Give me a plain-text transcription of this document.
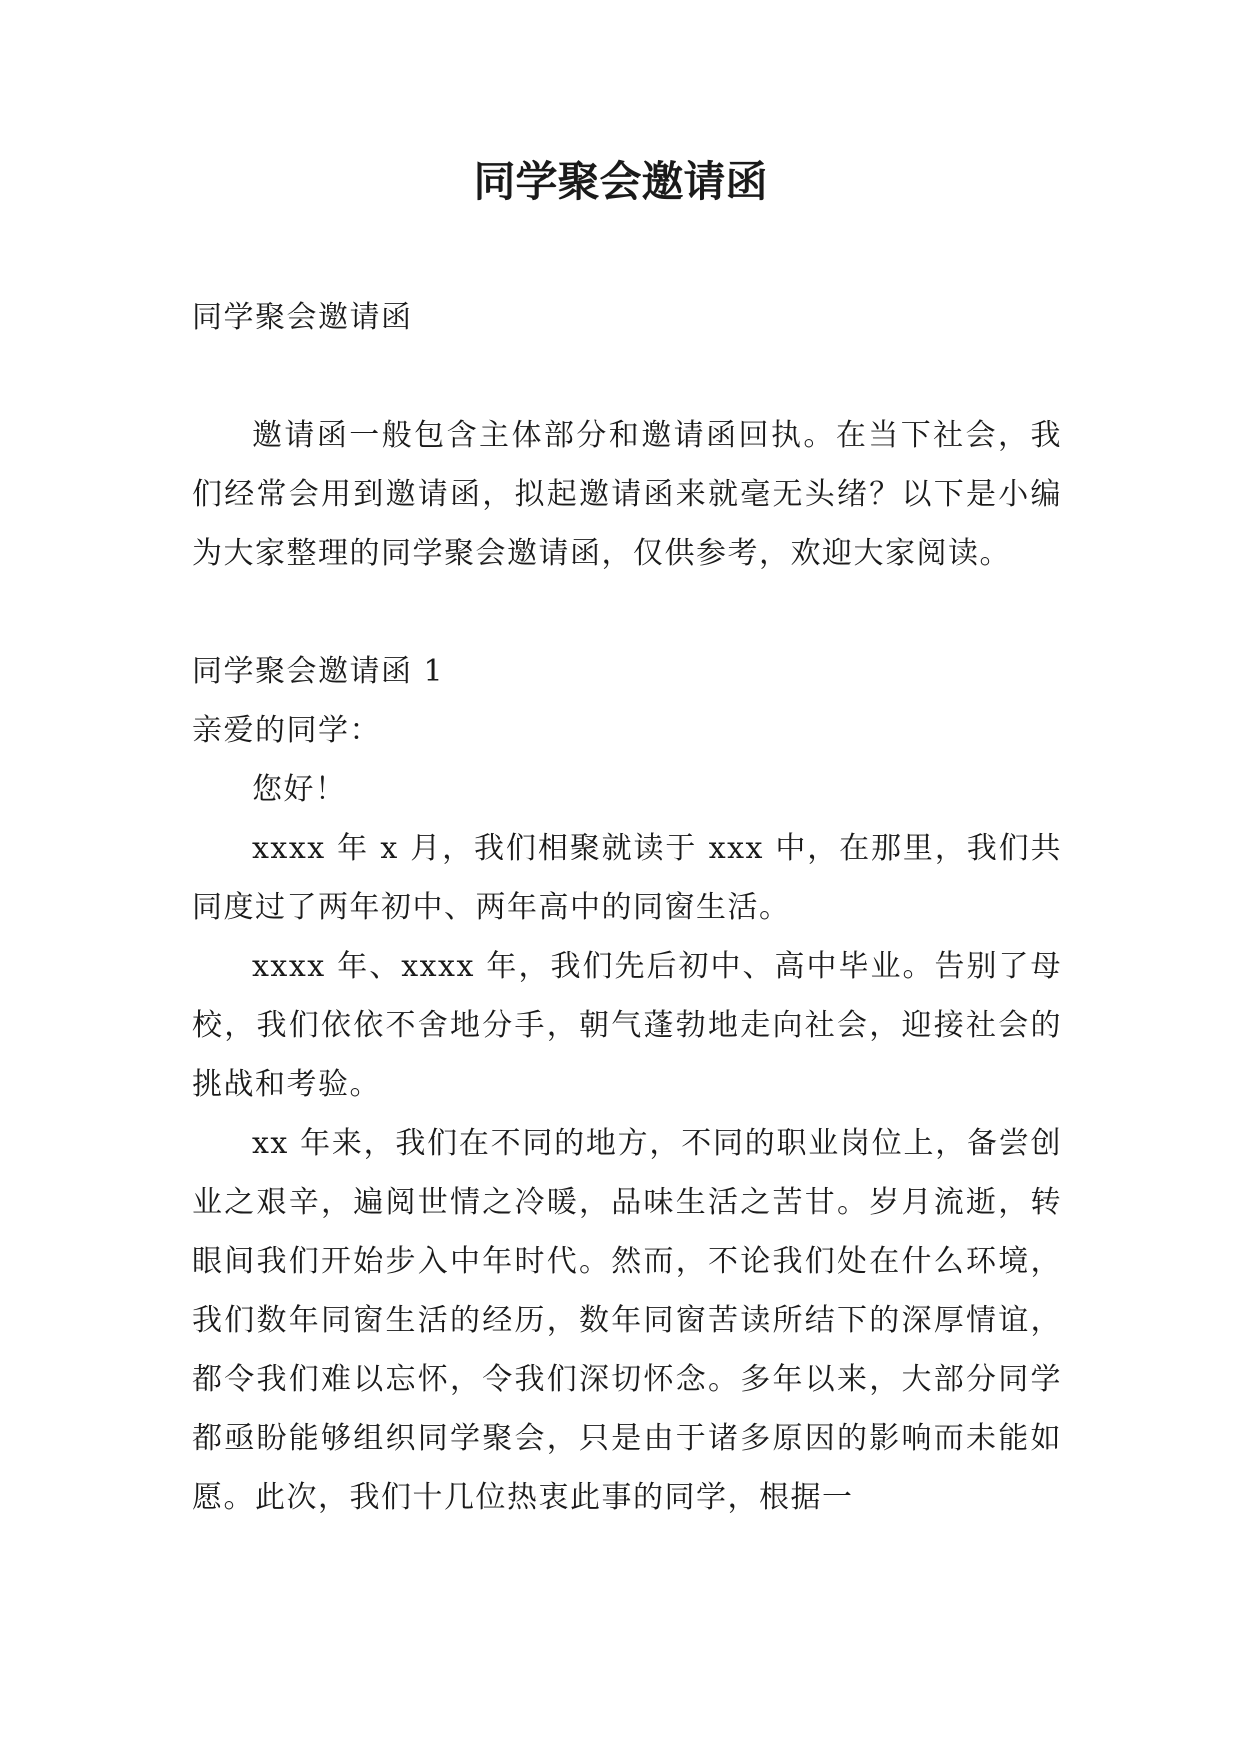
同学聚会邀请函

同学聚会邀请函

邀请函一般包含主体部分和邀请函回执。在当下社会，我们经常会用到邀请函，拟起邀请函来就毫无头绪？以下是小编为大家整理的同学聚会邀请函，仅供参考，欢迎大家阅读。

同学聚会邀请函 1

亲爱的同学：

您好！

xxxx 年 x 月，我们相聚就读于 xxx 中，在那里，我们共同度过了两年初中、两年高中的同窗生活。

xxxx 年、xxxx 年，我们先后初中、高中毕业。告别了母校，我们依依不舍地分手，朝气蓬勃地走向社会，迎接社会的挑战和考验。

xx 年来，我们在不同的地方，不同的职业岗位上，备尝创业之艰辛，遍阅世情之冷暖，品味生活之苦甘。岁月流逝，转眼间我们开始步入中年时代。然而，不论我们处在什么环境，我们数年同窗生活的经历，数年同窗苦读所结下的深厚情谊，都令我们难以忘怀，令我们深切怀念。多年以来，大部分同学都亟盼能够组织同学聚会，只是由于诸多原因的影响而未能如愿。此次，我们十几位热衷此事的同学，根据一
